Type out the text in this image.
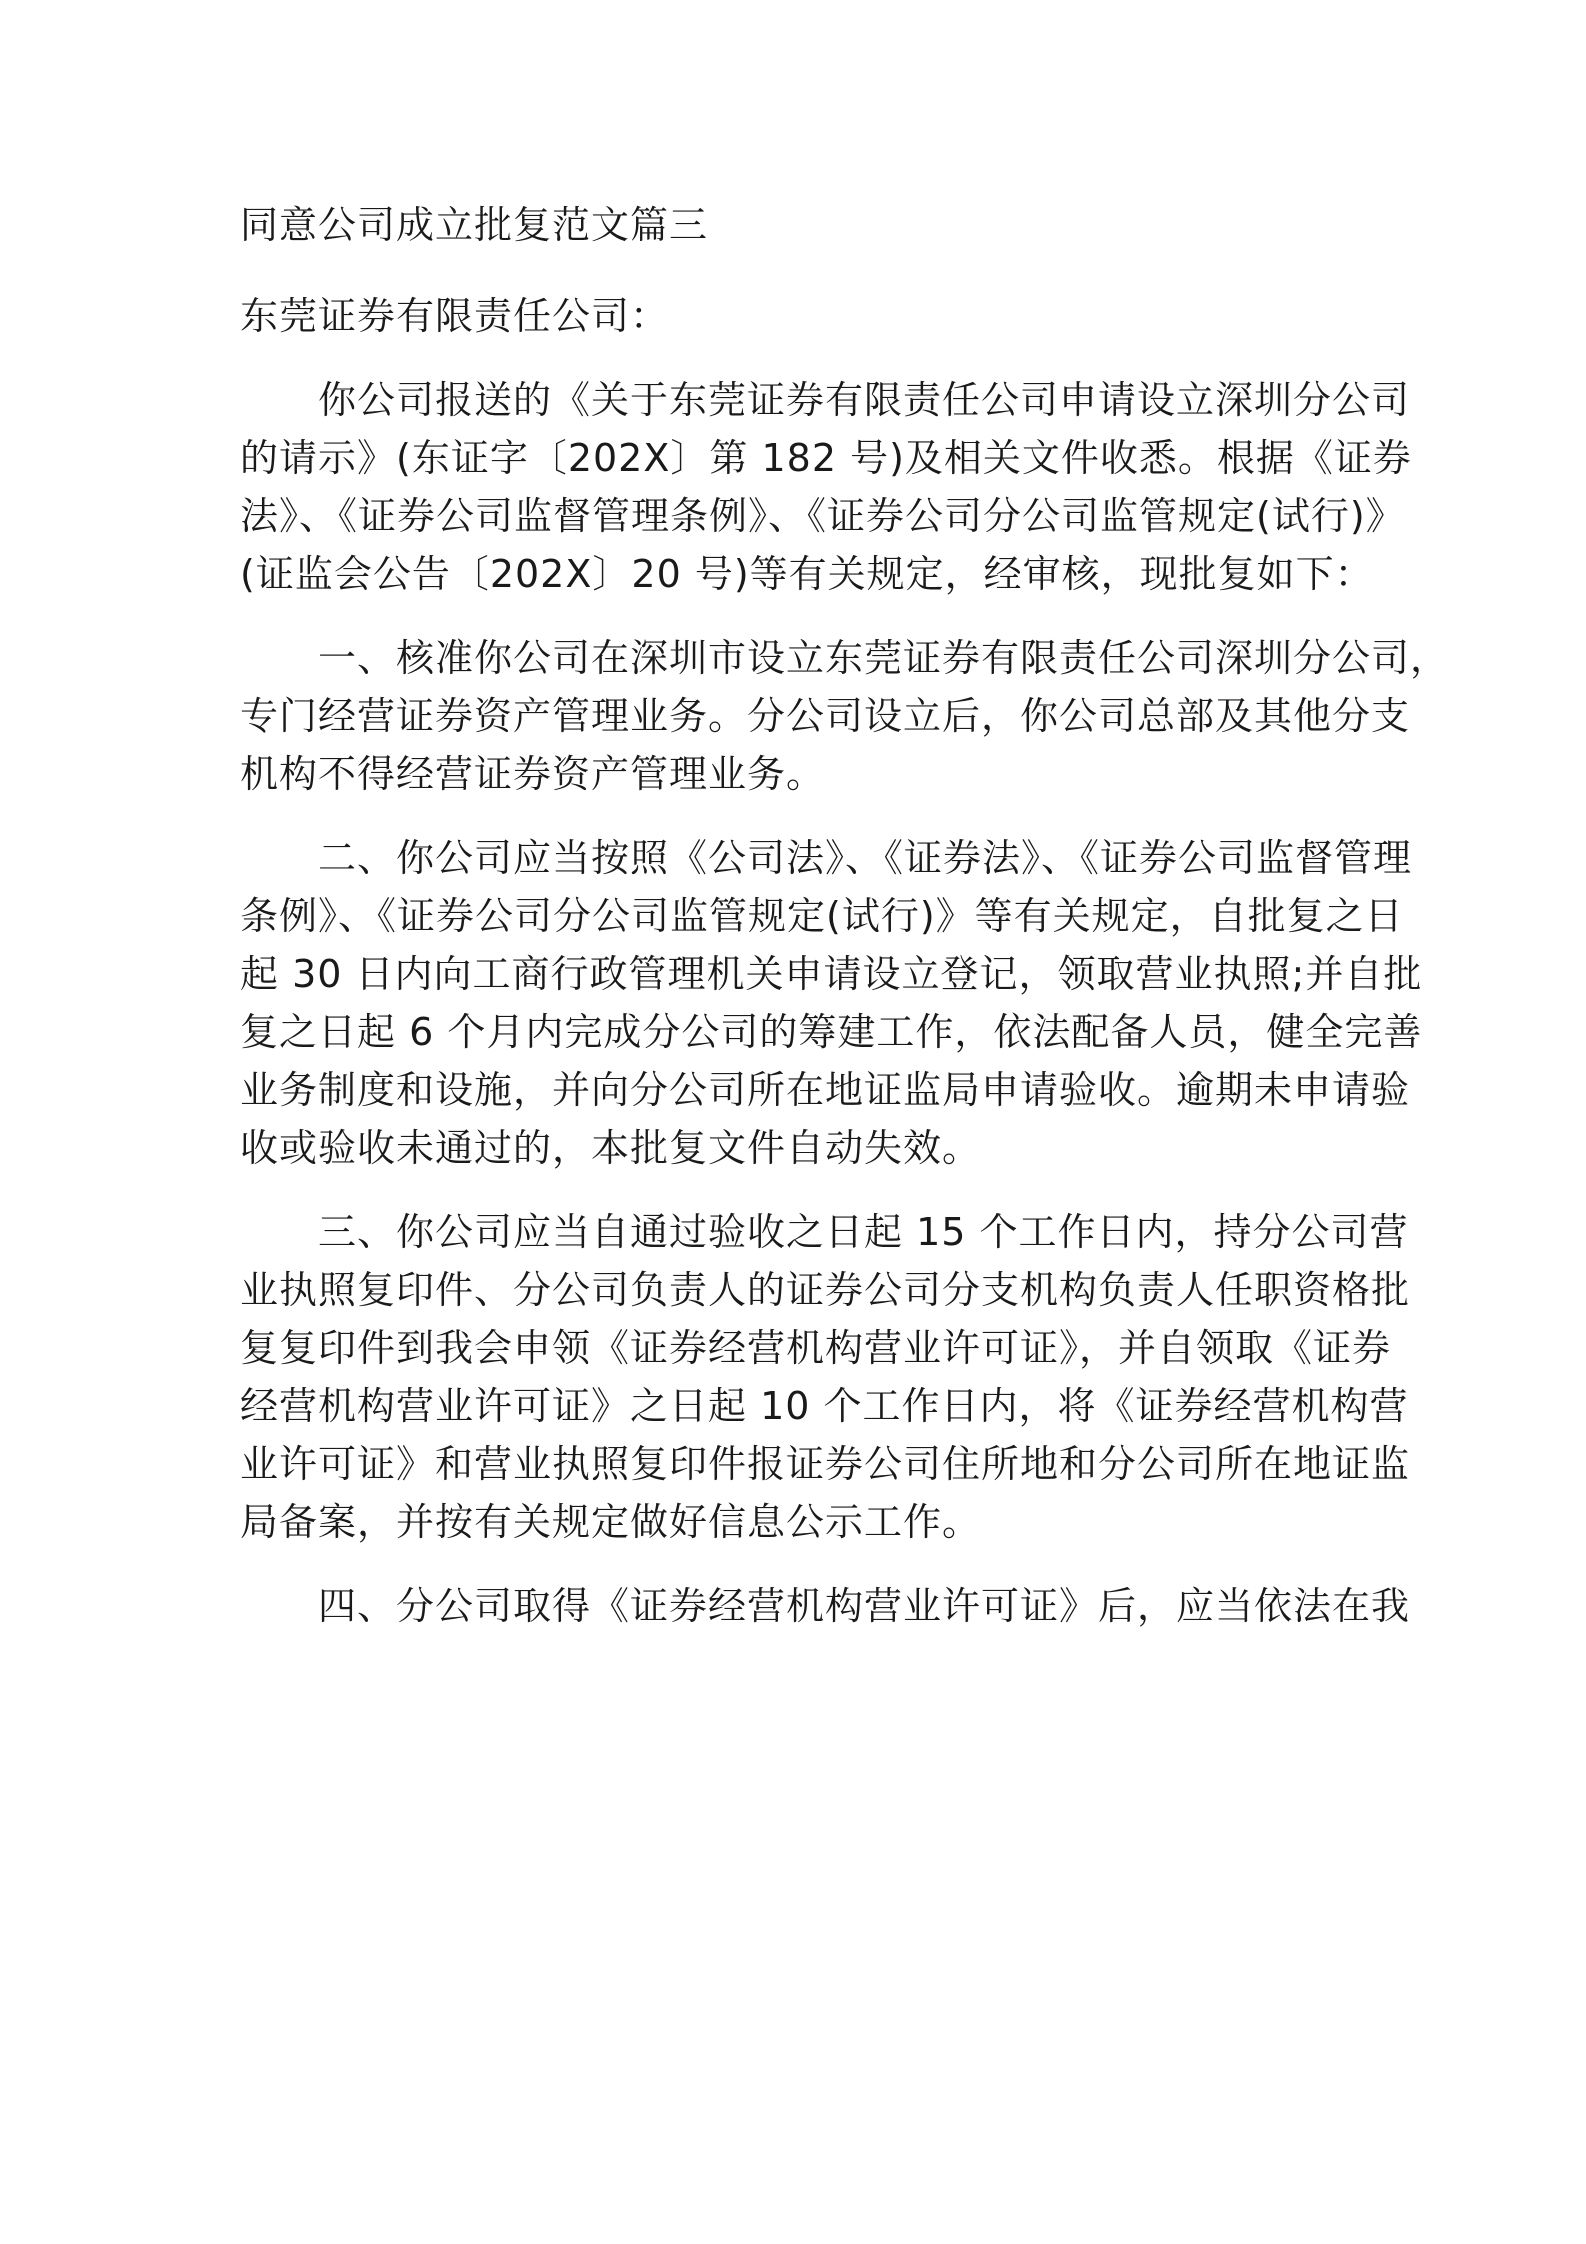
同意公司成立批复范文篇三
东莞证券有限责任公司：
你公司报送的《关于东莞证券有限责任公司申请设立深圳分公司
的请示》(东证字〔202X〕第 182 号)及相关文件收悉。根据《证券
法》、《证券公司监督管理条例》、《证券公司分公司监管规定(试行)》
(证监会公告〔202X〕20 号)等有关规定，经审核，现批复如下：
一、核准你公司在深圳市设立东莞证券有限责任公司深圳分公司，
专门经营证券资产管理业务。分公司设立后，你公司总部及其他分支
机构不得经营证券资产管理业务。
二、你公司应当按照《公司法》、《证券法》、《证券公司监督管理
条例》、《证券公司分公司监管规定(试行)》等有关规定，自批复之日
起 30 日内向工商行政管理机关申请设立登记，领取营业执照;并自批
复之日起 6 个月内完成分公司的筹建工作，依法配备人员，健全完善
业务制度和设施，并向分公司所在地证监局申请验收。逾期未申请验
收或验收未通过的，本批复文件自动失效。
三、你公司应当自通过验收之日起 15 个工作日内，持分公司营
业执照复印件、分公司负责人的证券公司分支机构负责人任职资格批
复复印件到我会申领《证券经营机构营业许可证》，并自领取《证券
经营机构营业许可证》之日起 10 个工作日内，将《证券经营机构营
业许可证》和营业执照复印件报证券公司住所地和分公司所在地证监
局备案，并按有关规定做好信息公示工作。
四、分公司取得《证券经营机构营业许可证》后，应当依法在我
